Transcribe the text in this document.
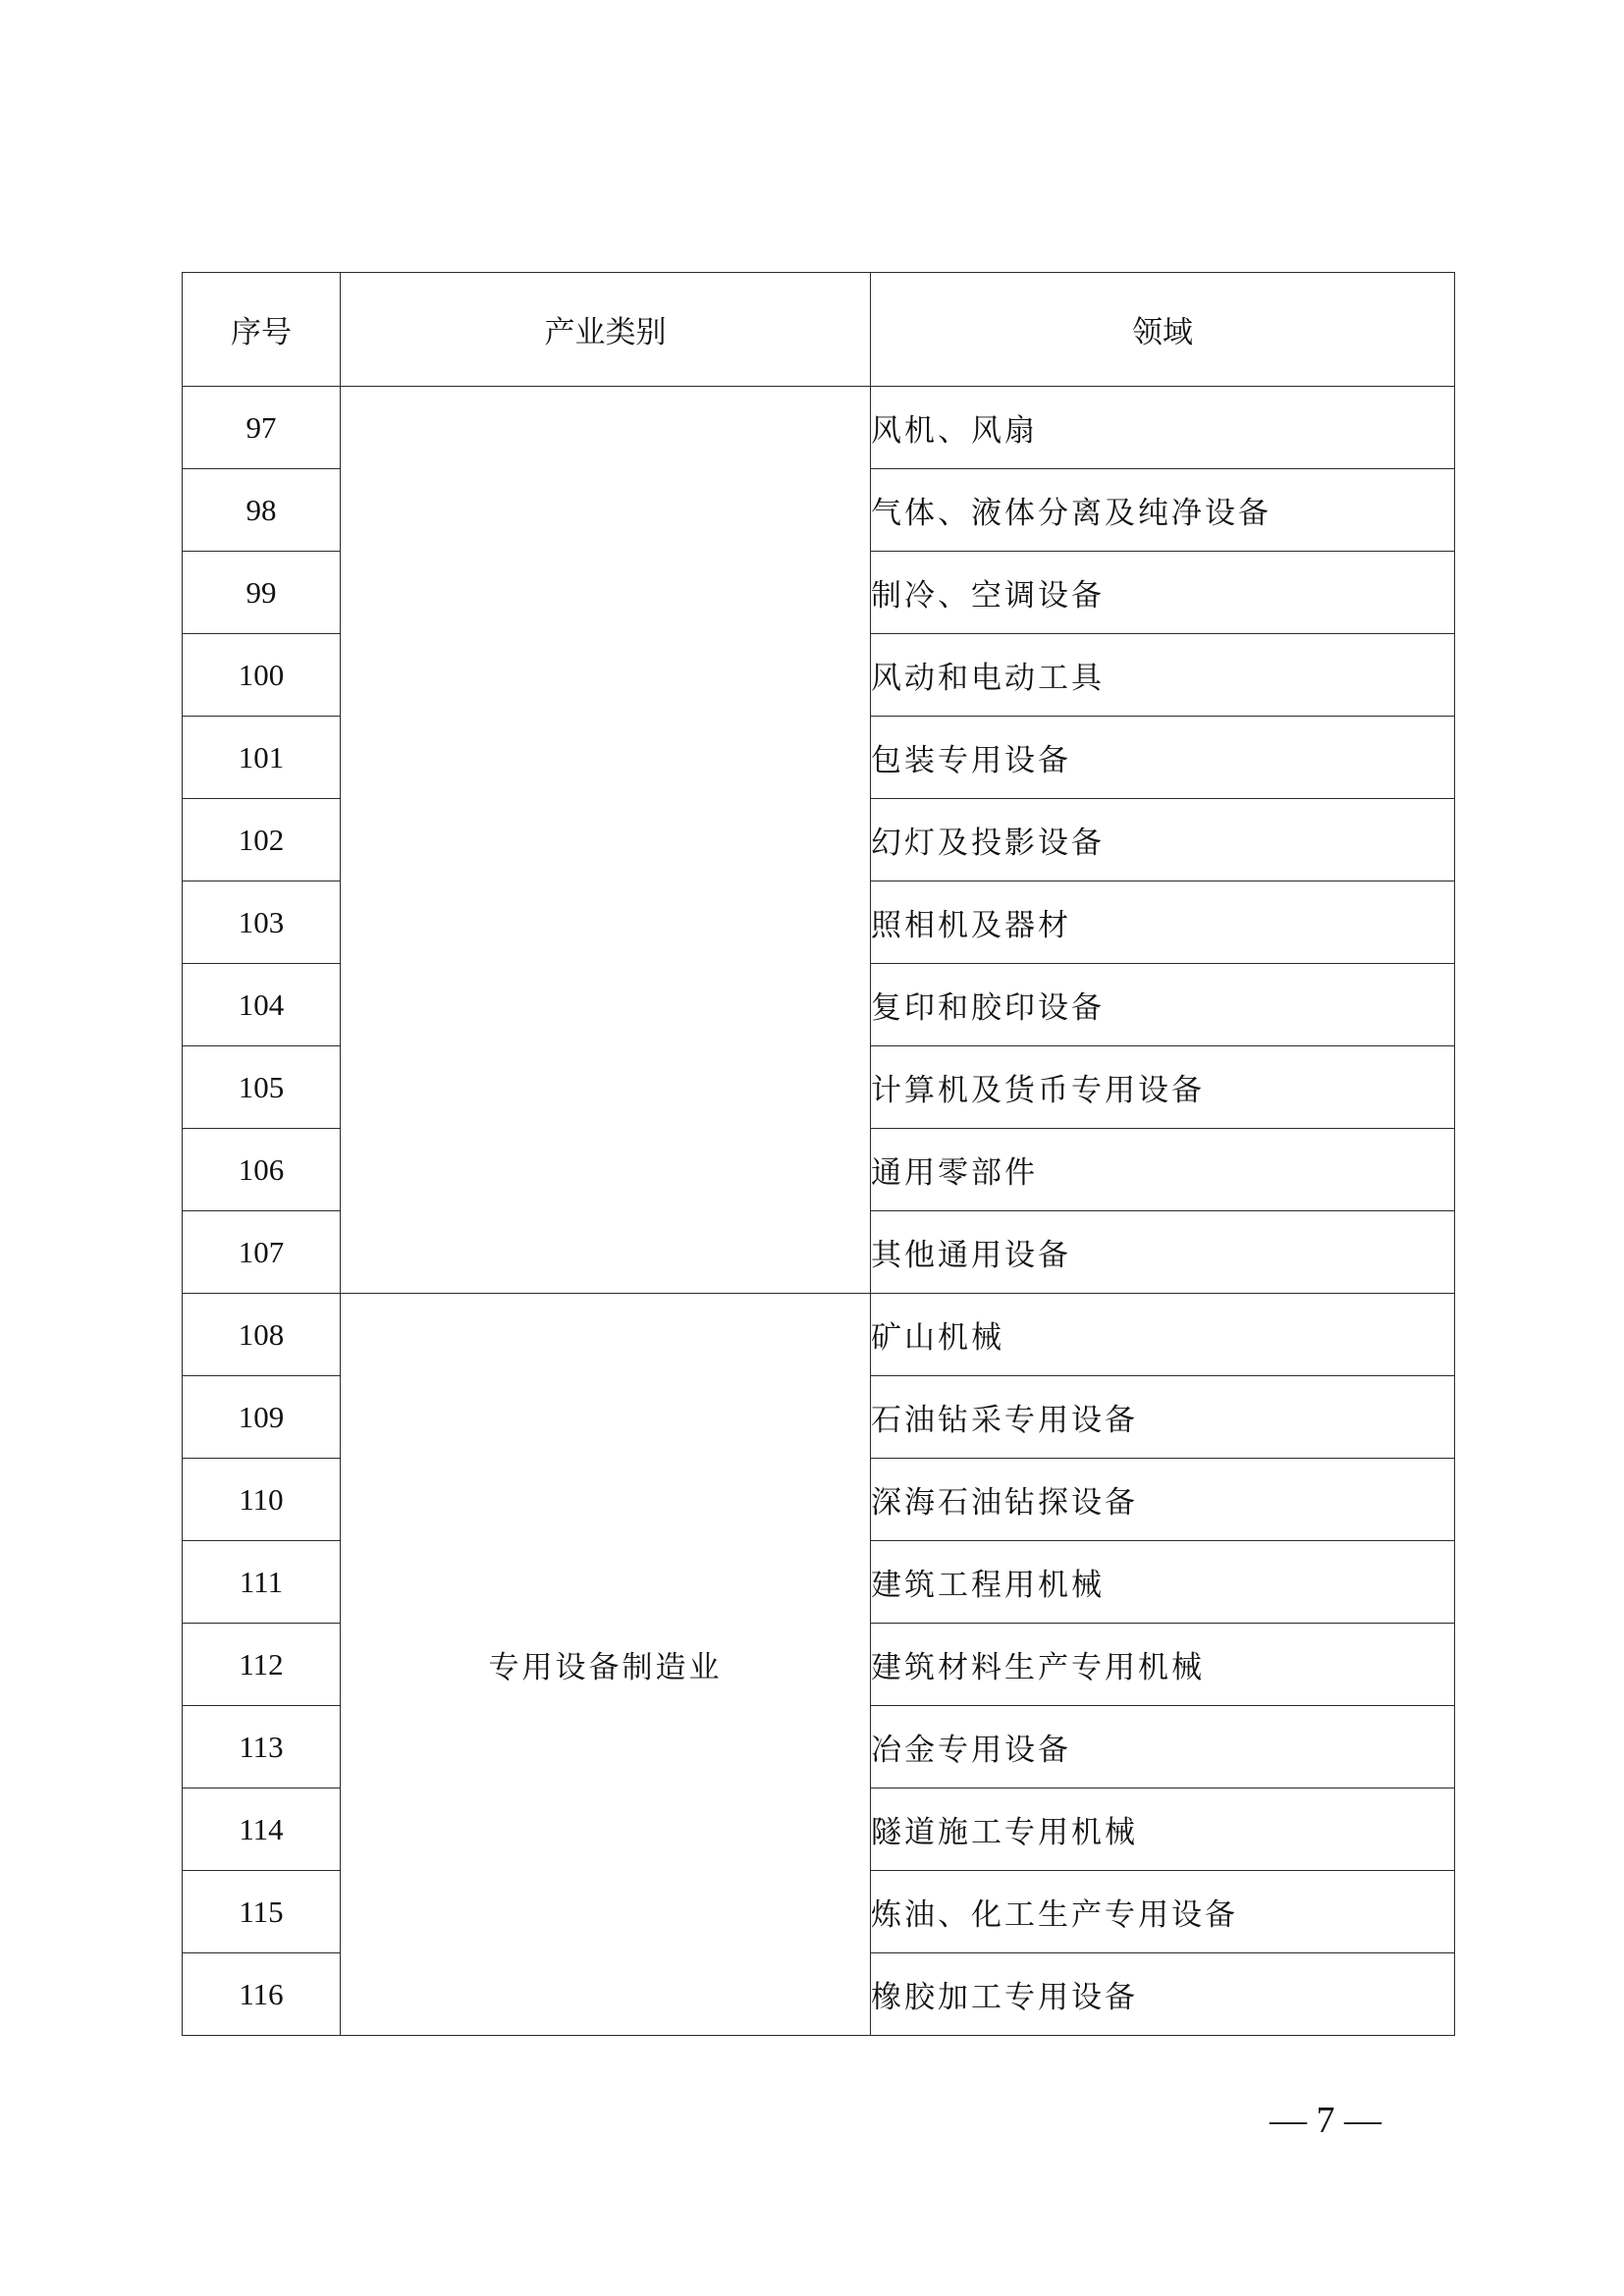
序号	产业类别	领域
97		风机、风扇
98		气体、液体分离及纯净设备
99		制冷、空调设备
100		风动和电动工具
101		包装专用设备
102		幻灯及投影设备
103		照相机及器材
104		复印和胶印设备
105		计算机及货币专用设备
106		通用零部件
107		其他通用设备
108	专用设备制造业	矿山机械
109		石油钻采专用设备
110		深海石油钻探设备
111		建筑工程用机械
112		建筑材料生产专用机械
113		冶金专用设备
114		隧道施工专用机械
115		炼油、化工生产专用设备
116		橡胶加工专用设备
— 7 —
